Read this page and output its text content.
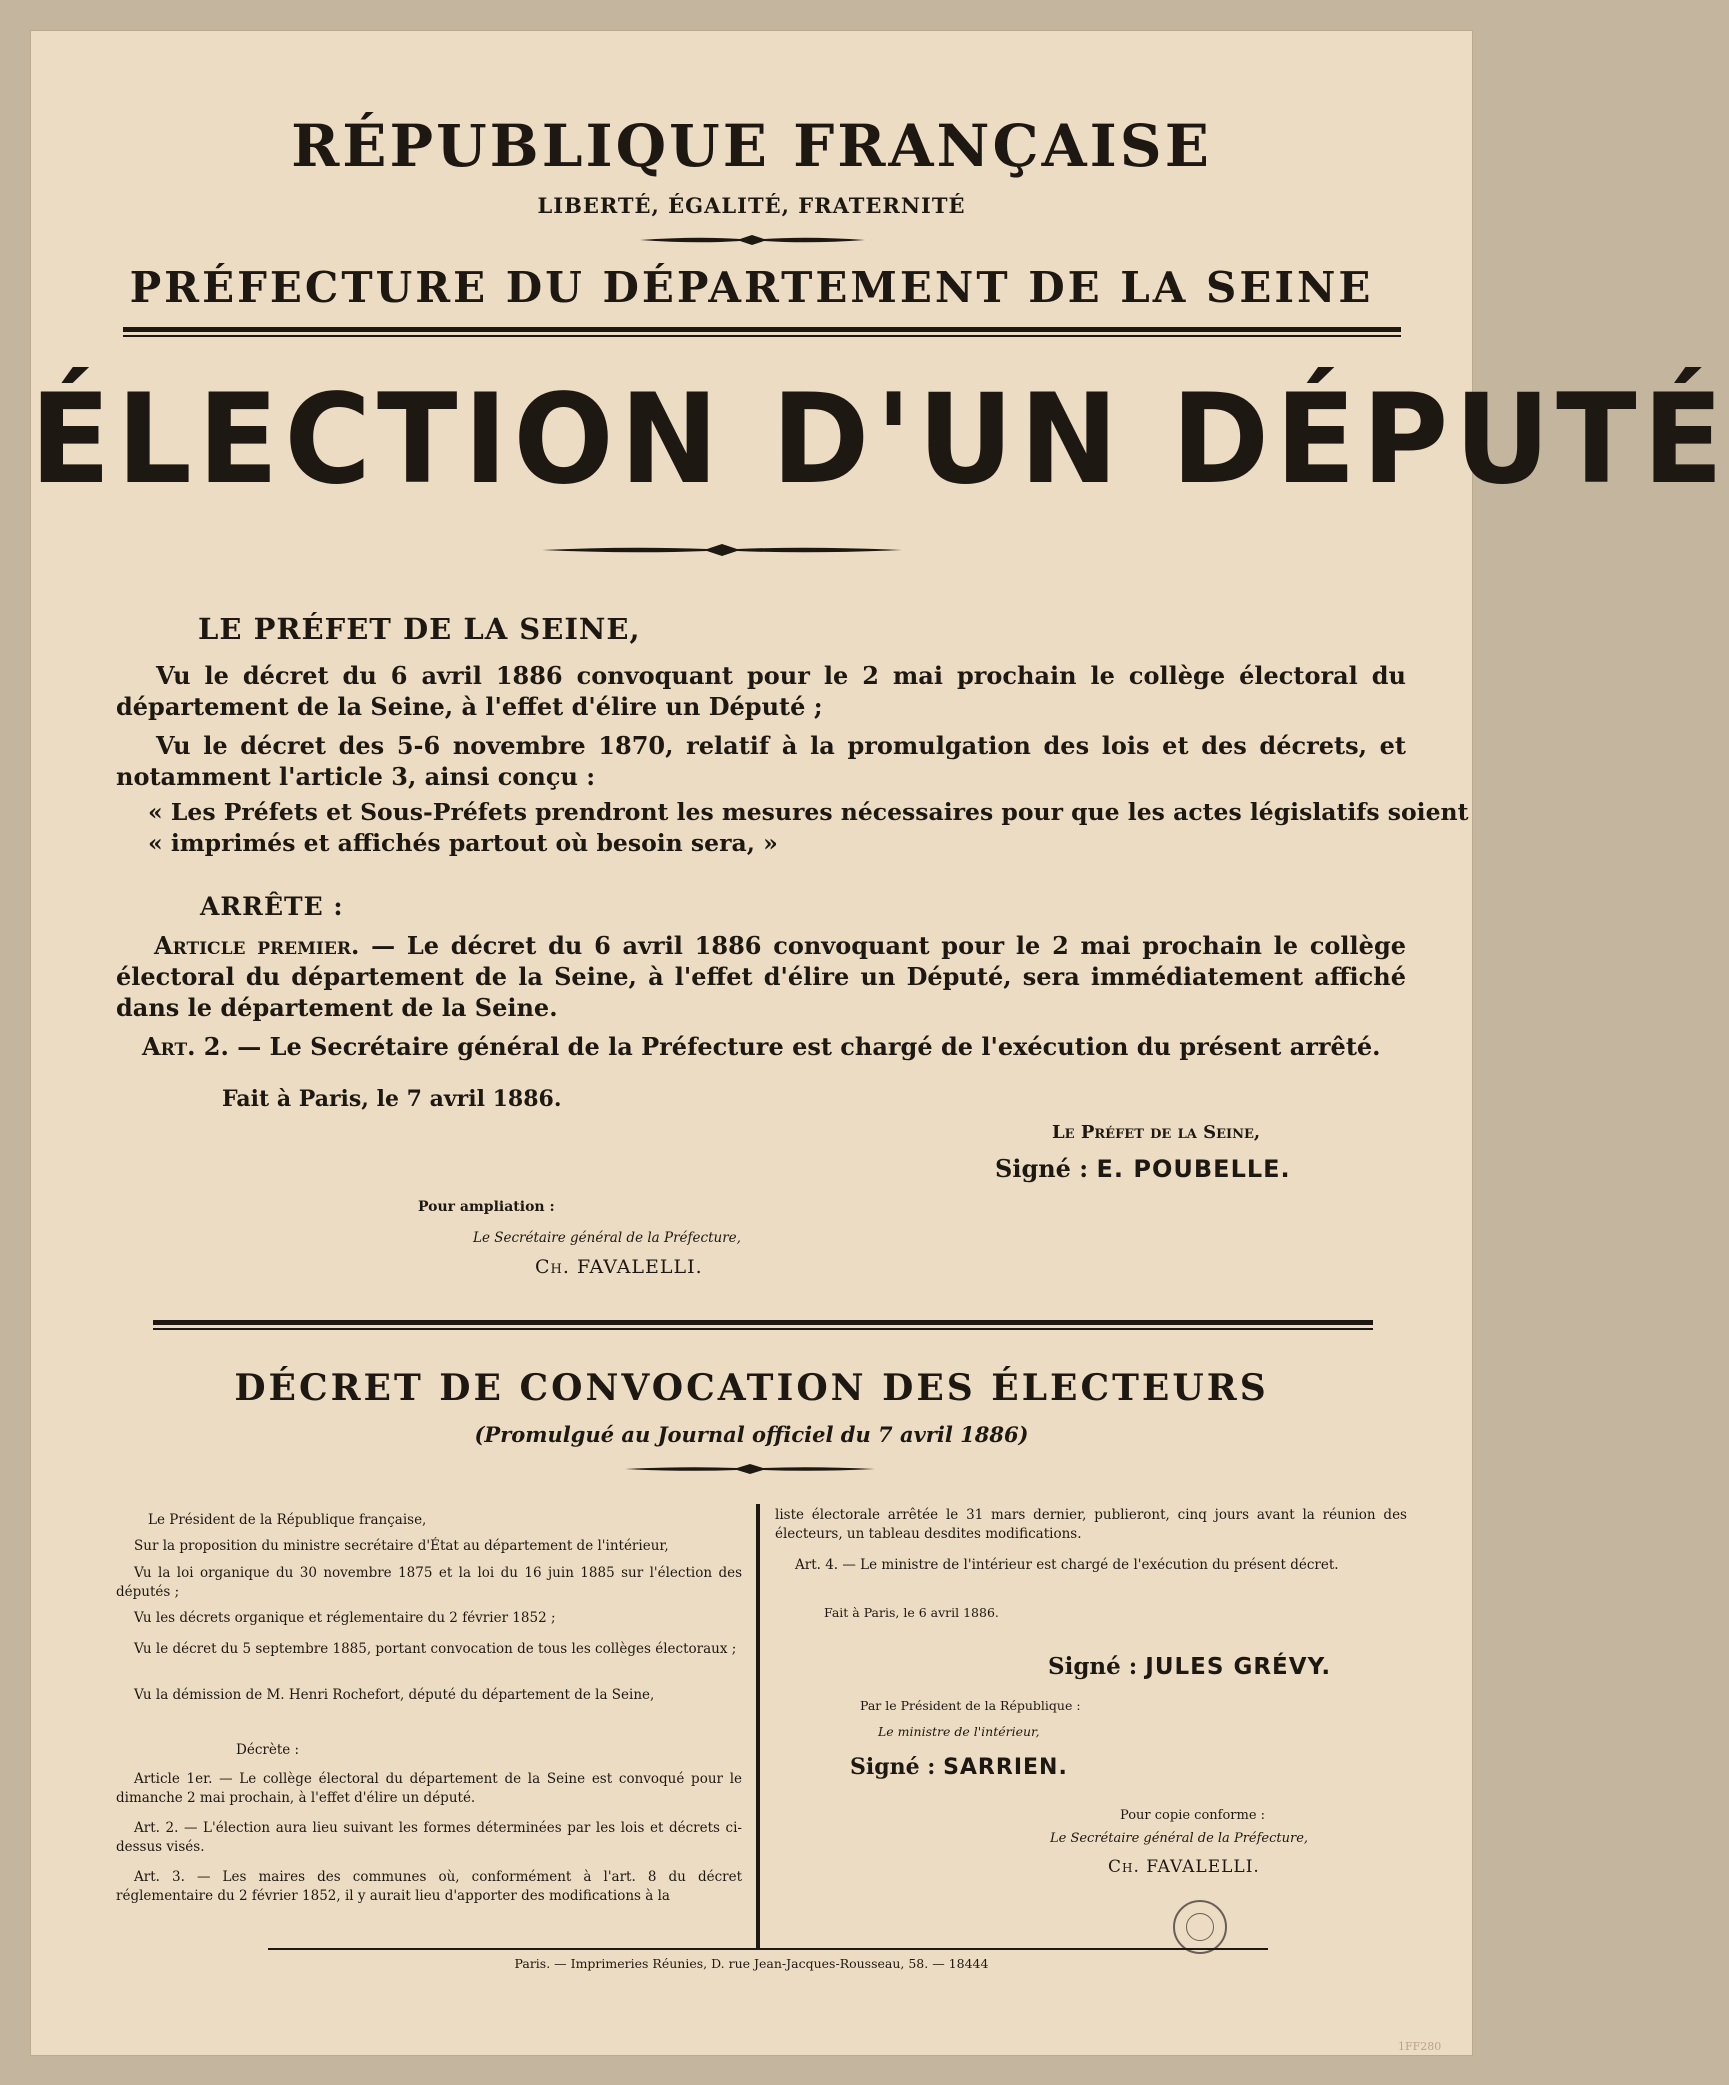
RÉPUBLIQUE FRANÇAISE
LIBERTÉ, ÉGALITÉ, FRATERNITÉ
PRÉFECTURE DU DÉPARTEMENT DE LA SEINE
ÉLECTION D'UN DÉPUTÉ
LE PRÉFET DE LA SEINE,
Vu le décret du 6 avril 1886 convoquant pour le 2 mai prochain le collège électoral du département de la Seine, à l'effet d'élire un Député ;
Vu le décret des 5-6 novembre 1870, relatif à la promulgation des lois et des décrets, et notamment l'article 3, ainsi conçu :
« Les Préfets et Sous-Préfets prendront les mesures nécessaires pour que les actes législatifs soient
« imprimés et affichés partout où besoin sera, »
ARRÊTE :
Article premier. — Le décret du 6 avril 1886 convoquant pour le 2 mai prochain le collège électoral du département de la Seine, à l'effet d'élire un Député, sera immédiatement affiché dans le département de la Seine.
Art. 2. — Le Secrétaire général de la Préfecture est chargé de l'exécution du présent arrêté.
Fait à Paris, le 7 avril 1886.
Le Préfet de la Seine,
Signé : E. POUBELLE.
Pour ampliation :
Le Secrétaire général de la Préfecture,
Ch. FAVALELLI.
DÉCRET DE CONVOCATION DES ÉLECTEURS
(Promulgué au Journal officiel du 7 avril 1886)
Le Président de la République française,
Sur la proposition du ministre secrétaire d'État au département de l'intérieur,
Vu la loi organique du 30 novembre 1875 et la loi du 16 juin 1885 sur l'élection des députés ;
Vu les décrets organique et réglementaire du 2 février 1852 ;
Vu le décret du 5 septembre 1885, portant convocation de tous les collèges électoraux ;
Vu la démission de M. Henri Rochefort, député du département de la Seine,
Décrète :
Article 1er. — Le collège électoral du département de la Seine est convoqué pour le dimanche 2 mai prochain, à l'effet d'élire un député.
Art. 2. — L'élection aura lieu suivant les formes déterminées par les lois et décrets ci-dessus visés.
Art. 3. — Les maires des communes où, conformément à l'art. 8 du décret réglementaire du 2 février 1852, il y aurait lieu d'apporter des modifications à la
liste électorale arrêtée le 31 mars dernier, publieront, cinq jours avant la réunion des électeurs, un tableau desdites modifications.
Art. 4. — Le ministre de l'intérieur est chargé de l'exécution du présent décret.
Fait à Paris, le 6 avril 1886.
Signé : JULES GRÉVY.
Par le Président de la République :
Le ministre de l'intérieur,
Signé : SARRIEN.
Pour copie conforme :
Le Secrétaire général de la Préfecture,
Ch. FAVALELLI.
Paris. — Imprimeries Réunies, D. rue Jean-Jacques-Rousseau, 58. — 18444
1FF280
